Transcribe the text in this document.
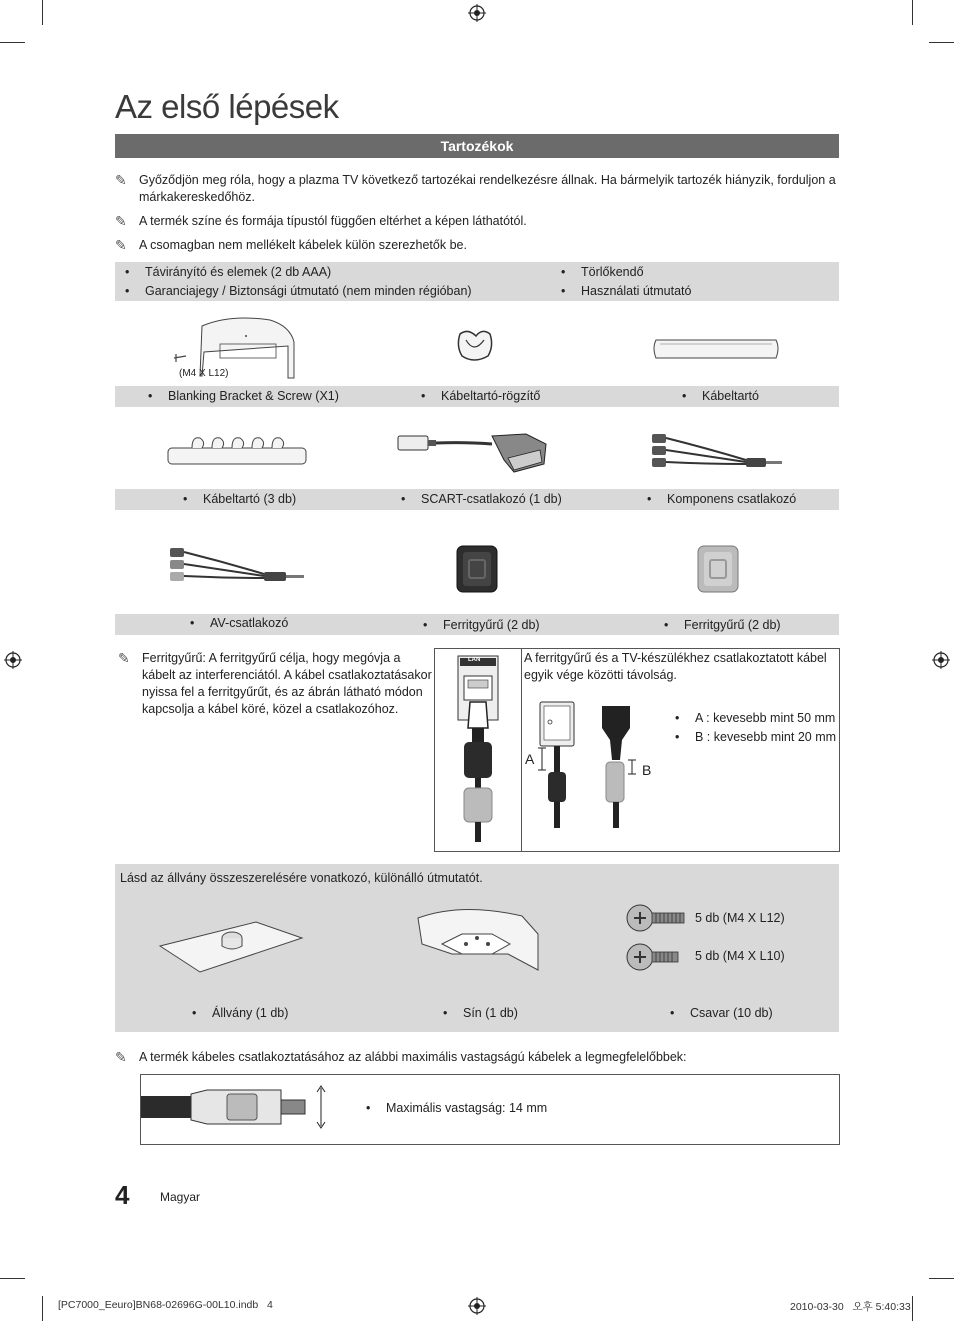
Az első lépések
Tartozékok
✎ Győződjön meg róla, hogy a plazma TV következő tartozékai rendelkezésre állnak. Ha bármelyik tartozék hiányzik, forduljon a márkakereskedőhöz.
✎ A termék színe és formája típustól függően eltérhet a képen láthatótól.
✎ A csomagban nem mellékelt kábelek külön szerezhetők be.
• Távirányító és elemek (2 db AAA)
• Garanciajegy / Biztonsági útmutató (nem minden régióban)
• Törlőkendő
• Használati útmutató
(M4 X L12)
• Blanking Bracket & Screw (X1)	• Kábeltartó-rögzítő	• Kábeltartó
• Kábeltartó (3 db)	• SCART-csatlakozó (1 db)	• Komponens csatlakozó
• AV-csatlakozó	• Ferritgyűrű (2 db)	• Ferritgyűrű (2 db)
✎ Ferritgyűrű: A ferritgyűrű célja, hogy megóvja a kábelt az interferenciától. A kábel csatlakoztatásakor nyissa fel a ferritgyűrűt, és az ábrán látható módon kapcsolja a kábel köré, közel a csatlakozóhoz.
LAN	A ferritgyűrű és a TV-készülékhez csatlakoztatott kábel egyik vége közötti távolság.
A
B
• A : kevesebb mint 50 mm
• B : kevesebb mint 20 mm
Lásd az állvány összeszerelésére vonatkozó, különálló útmutatót.
5 db (M4 X L12)
5 db (M4 X L10)
• Állvány (1 db)	• Sín (1 db)	• Csavar (10 db)
✎ A termék kábeles csatlakoztatásához az alábbi maximális vastagságú kábelek a legmegfelelőbbek:
• Maximális vastagság: 14 mm
4	Magyar
[PC7000_Eeuro]BN68-02696G-00L10.indb   4	2010-03-30   오후 5:40:33
